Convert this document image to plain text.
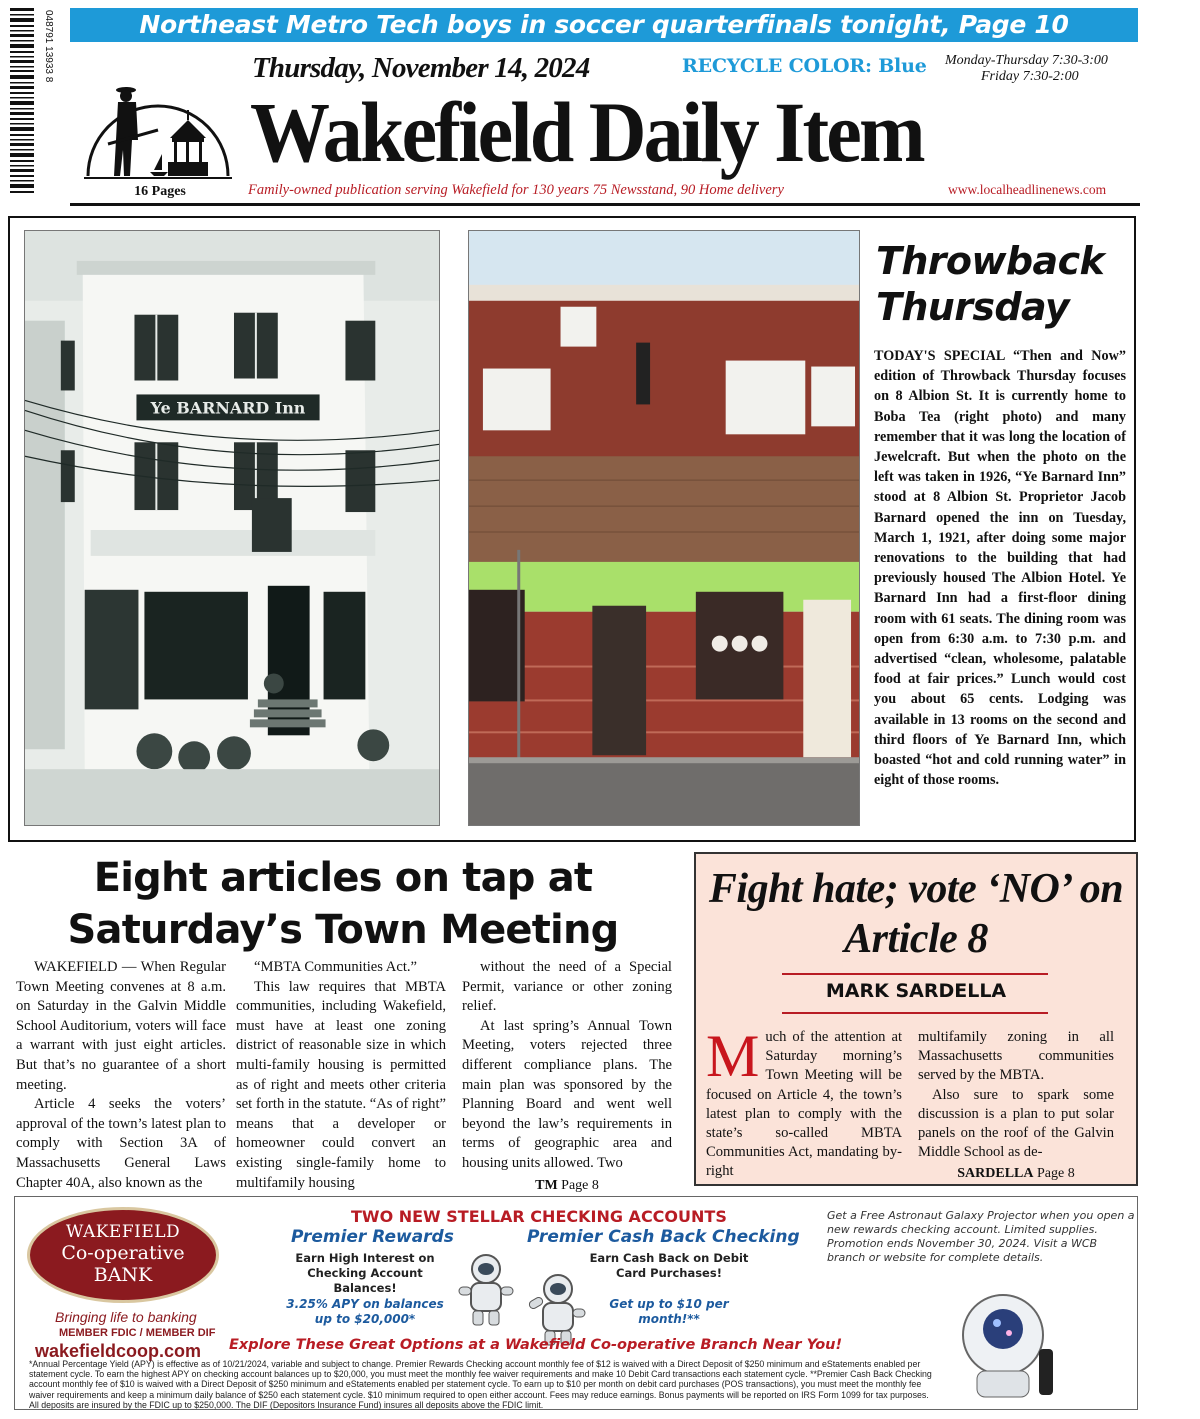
048791 13933 8	Northeast Metro Tech boys in soccer quarterfinals tonight, Page 10
16 Pages
Thursday, November 14, 2024	RECYCLE COLOR: Blue Monday-Thursday 7:30-3:00
Friday 7:30-2:00
Wakefield Daily Item
Family-owned publication serving Wakefield for 130 years 75 Newsstand, 90 Home delivery	www.localheadlinenews.com
Ye BARNARD Inn
Throwback Thursday
TODAY'S SPECIAL “Then and Now” edition of Throwback Thursday focuses on 8 Albion St. It is currently home to Boba Tea (right photo) and many remember that it was long the location of Jewelcraft. But when the photo on the left was taken in 1926, “Ye Barnard Inn” stood at 8 Albion St. Proprietor Jacob Barnard opened the inn on Tuesday, March 1, 1921, after doing some major renovations to the building that had previously housed The Albion Hotel. Ye Barnard Inn had a first-floor dining room with 61 seats. The dining room was open from 6:30 a.m. to 7:30 p.m. and advertised “clean, wholesome, palatable food at fair prices.” Lunch would cost you about 65 cents. Lodging was available in 13 rooms on the second and third floors of Ye Barnard Inn, which boasted “hot and cold running water” in eight of those rooms.
Eight articles on tap at Saturday’s Town Meeting

WAKEFIELD — When Regular Town Meeting convenes at 8 a.m. on Saturday in the Galvin Middle School Auditorium, voters will face a warrant with just eight articles. But that’s no guarantee of a short meeting.

Article 4 seeks the voters’ approval of the town’s latest plan to comply with Section 3A of Massachusetts General Laws Chapter 40A, also known as the

“MBTA Communities Act.”

This law requires that MBTA communities, including Wakefield, must have at least one zoning district of reasonable size in which multi-family housing is permitted as of right and meets other criteria set forth in the statute. “As of right” means that a developer or homeowner could convert an existing single-family home to multifamily housing

without the need of a Special Permit, variance or other zoning relief.

At last spring’s Annual Town Meeting, voters rejected three different compliance plans. The main plan was sponsored by the Planning Board and went well beyond the law’s requirements in terms of geographic area and housing units allowed. Two

TM Page 8
Fight hate; vote ‘NO’ on Article 8
MARK SARDELLA
Much of the attention at Saturday morning’s Town Meeting will be focused on Article 4, the town’s latest plan to comply with the state’s so-called MBTA Communities Act, mandating by-right

multifamily zoning in all Massachusetts communities served by the MBTA.

Also sure to spark some discussion is a plan to put solar panels on the roof of the Galvin Middle School as de-

SARDELLA Page 8
WAKEFIELD
Co-operative
BANK
Bringing life to banking
MEMBER FDIC / MEMBER DIF
wakefieldcoop.com
TWO NEW STELLAR CHECKING ACCOUNTS
Premier Rewards	Premier Cash Back Checking
Earn High Interest on Checking Account Balances!
Earn Cash Back on Debit Card Purchases!
3.25% APY on balances up to $20,000*
Get up to $10 per month!**
Get a Free Astronaut Galaxy Projector when you open a new rewards checking account. Limited supplies. Promotion ends November 30, 2024. Visit a WCB branch or website for complete details.
Explore These Great Options at a Wakefield Co-operative Branch Near You!
*Annual Percentage Yield (APY) is effective as of 10/21/2024, variable and subject to change. Premier Rewards Checking account monthly fee of $12 is waived with a Direct Deposit of $250 minimum and eStatements enabled per statement cycle. To earn the highest APY on checking account balances up to $20,000, you must meet the monthly fee waiver requirements and make 10 Debit Card transactions each statement cycle. **Premier Cash Back Checking account monthly fee of $10 is waived with a Direct Deposit of $250 minimum and eStatements enabled per statement cycle. To earn up to $10 per month on debit card purchases (POS transactions), you must meet the monthly fee waiver requirements and keep a minimum daily balance of $250 each statement cycle. $10 minimum required to open either account. Fees may reduce earnings. Bonus payments will be reported on IRS Form 1099 for tax purposes. All deposits are insured by the FDIC up to $250,000. The DIF (Depositors Insurance Fund) insures all deposits above the FDIC limit.
